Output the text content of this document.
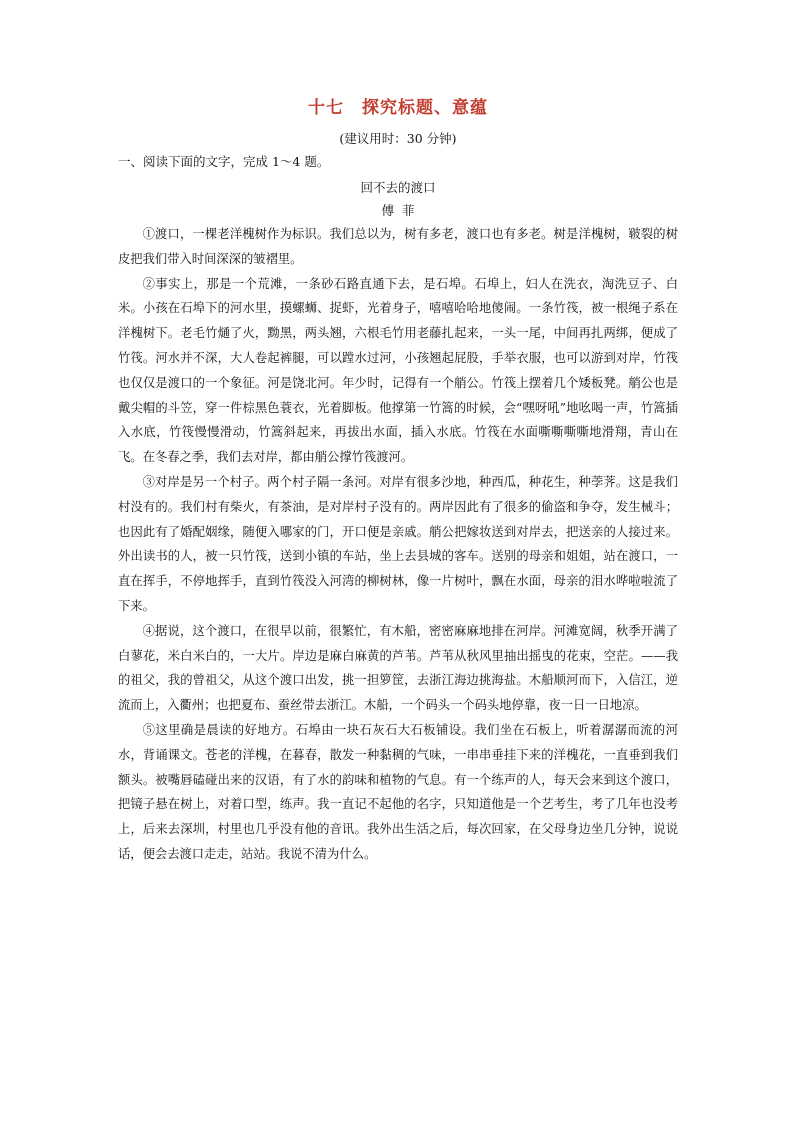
十七　探究标题、意蕴

(建议用时：30 分钟)

一、阅读下面的文字，完成 1～4 题。

回不去的渡口

傅菲

①渡口，一棵老洋槐树作为标识。我们总以为，树有多老，渡口也有多老。树是洋槐树，皲裂的树皮把我们带入时间深深的皱褶里。

②事实上，那是一个荒滩，一条砂石路直通下去，是石埠。石埠上，妇人在洗衣，淘洗豆子、白米。小孩在石埠下的河水里，摸螺蛳、捉虾，光着身子，嘻嘻哈哈地傻闹。一条竹筏，被一根绳子系在洋槐树下。老毛竹熥了火，黝黑，两头翘，六根毛竹用老藤扎起来，一头一尾，中间再扎两绑，便成了竹筏。河水并不深，大人卷起裤腿，可以蹚水过河，小孩翘起屁股，手举衣服，也可以游到对岸，竹筏也仅仅是渡口的一个象征。河是饶北河。年少时，记得有一个艄公。竹筏上摆着几个矮板凳。艄公也是戴尖帽的斗笠，穿一件棕黑色蓑衣，光着脚板。他撑第一竹篙的时候，会“嘿呀吼”地吆喝一声，竹篙插入水底，竹筏慢慢滑动，竹篙斜起来，再拔出水面，插入水底。竹筏在水面嘶嘶嘶嘶地滑翔，青山在飞。在冬春之季，我们去对岸，都由艄公撑竹筏渡河。

③对岸是另一个村子。两个村子隔一条河。对岸有很多沙地，种西瓜，种花生，种荸荠。这是我们村没有的。我们村有柴火，有茶油，是对岸村子没有的。两岸因此有了很多的偷盗和争夺，发生械斗；也因此有了婚配姻缘，随便入哪家的门，开口便是亲戚。艄公把嫁妆送到对岸去，把送亲的人接过来。外出读书的人，被一只竹筏，送到小镇的车站，坐上去县城的客车。送别的母亲和姐姐，站在渡口，一直在挥手，不停地挥手，直到竹筏没入河湾的柳树林，像一片树叶，飘在水面，母亲的泪水哗啦啦流了下来。

④据说，这个渡口，在很早以前，很繁忙，有木船，密密麻麻地排在河岸。河滩宽阔，秋季开满了白蓼花，米白米白的，一大片。岸边是麻白麻黄的芦苇。芦苇从秋风里抽出摇曳的花束，空茫。——我的祖父，我的曾祖父，从这个渡口出发，挑一担箩筐，去浙江海边挑海盐。木船顺河而下，入信江，逆流而上，入衢州；也把夏布、蚕丝带去浙江。木船，一个码头一个码头地停靠，夜一日一日地凉。

⑤这里确是晨读的好地方。石埠由一块石灰石大石板铺设。我们坐在石板上，听着潺潺而流的河水，背诵课文。苍老的洋槐，在暮春，散发一种黏稠的气味，一串串垂挂下来的洋槐花，一直垂到我们额头。被嘴唇磕碰出来的汉语，有了水的韵味和植物的气息。有一个练声的人，每天会来到这个渡口，把镜子悬在树上，对着口型，练声。我一直记不起他的名字，只知道他是一个艺考生，考了几年也没考上，后来去深圳，村里也几乎没有他的音讯。我外出生活之后，每次回家，在父母身边坐几分钟，说说话，便会去渡口走走，站站。我说不清为什么。
